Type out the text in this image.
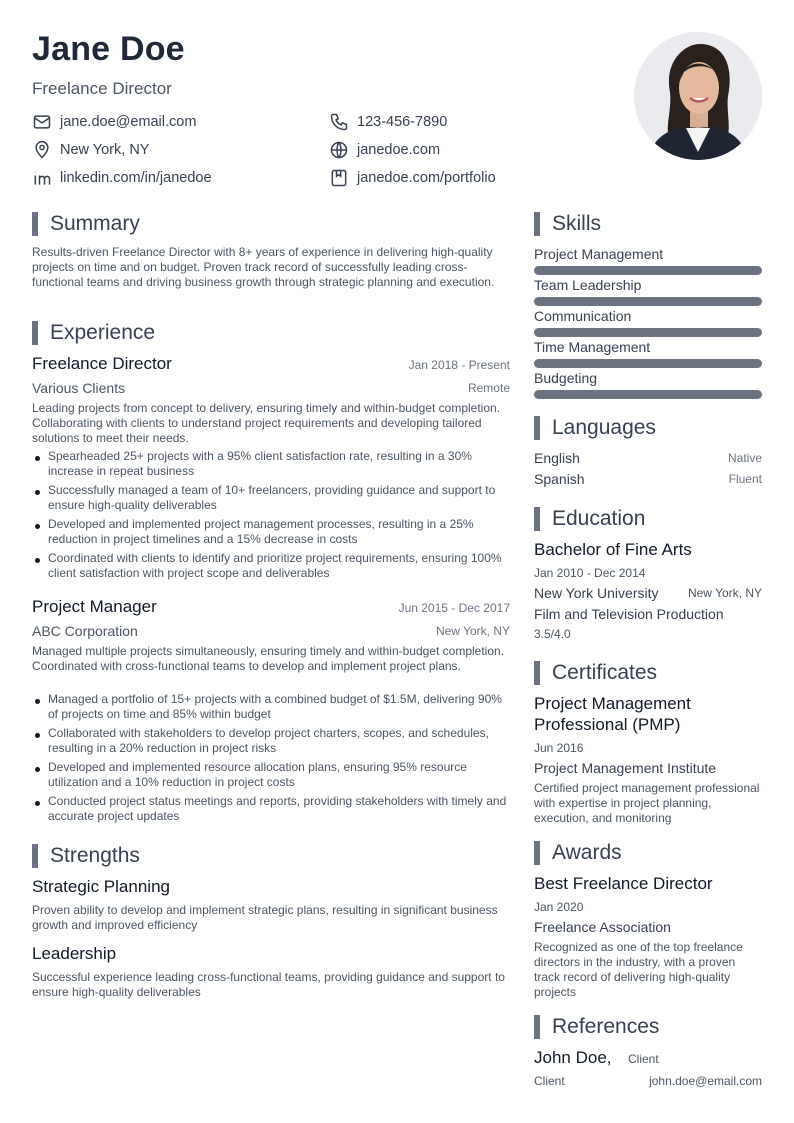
Jane Doe
Freelance Director
jane.doe@email.com	123-456-7890
New York, NY	janedoe.com
linkedin.com/in/janedoe	janedoe.com/portfolio
Summary
Results-driven Freelance Director with 8+ years of experience in delivering high-quality projects on time and on budget. Proven track record of successfully leading cross-functional teams and driving business growth through strategic planning and execution.
Experience
Freelance Director	Jan 2018 - Present
Various Clients	Remote
Leading projects from concept to delivery, ensuring timely and within-budget completion. Collaborating with clients to understand project requirements and developing tailored solutions to meet their needs.
Spearheaded 25+ projects with a 95% client satisfaction rate, resulting in a 30% increase in repeat business
Successfully managed a team of 10+ freelancers, providing guidance and support to ensure high-quality deliverables
Developed and implemented project management processes, resulting in a 25% reduction in project timelines and a 15% decrease in costs
Coordinated with clients to identify and prioritize project requirements, ensuring 100% client satisfaction with project scope and deliverables
Project Manager	Jun 2015 - Dec 2017
ABC Corporation	New York, NY
Managed multiple projects simultaneously, ensuring timely and within-budget completion. Coordinated with cross-functional teams to develop and implement project plans.
Managed a portfolio of 15+ projects with a combined budget of $1.5M, delivering 90% of projects on time and 85% within budget
Collaborated with stakeholders to develop project charters, scopes, and schedules, resulting in a 20% reduction in project risks
Developed and implemented resource allocation plans, ensuring 95% resource utilization and a 10% reduction in project costs
Conducted project status meetings and reports, providing stakeholders with timely and accurate project updates
Strengths
Strategic Planning
Proven ability to develop and implement strategic plans, resulting in significant business growth and improved efficiency
Leadership
Successful experience leading cross-functional teams, providing guidance and support to ensure high-quality deliverables
Skills
Project Management
Team Leadership
Communication
Time Management
Budgeting
Languages
English	Native
Spanish	Fluent
Education
Bachelor of Fine Arts
Jan 2010 - Dec 2014
New York University New York, NY
Film and Television Production
3.5/4.0
Certificates
Project Management
Professional (PMP)
Jun 2016
Project Management Institute
Certified project management professional with expertise in project planning, execution, and monitoring
Awards
Best Freelance Director
Jan 2020
Freelance Association
Recognized as one of the top freelance directors in the industry, with a proven track record of delivering high-quality projects
References
John Doe, Client
Client	john.doe@email.com
